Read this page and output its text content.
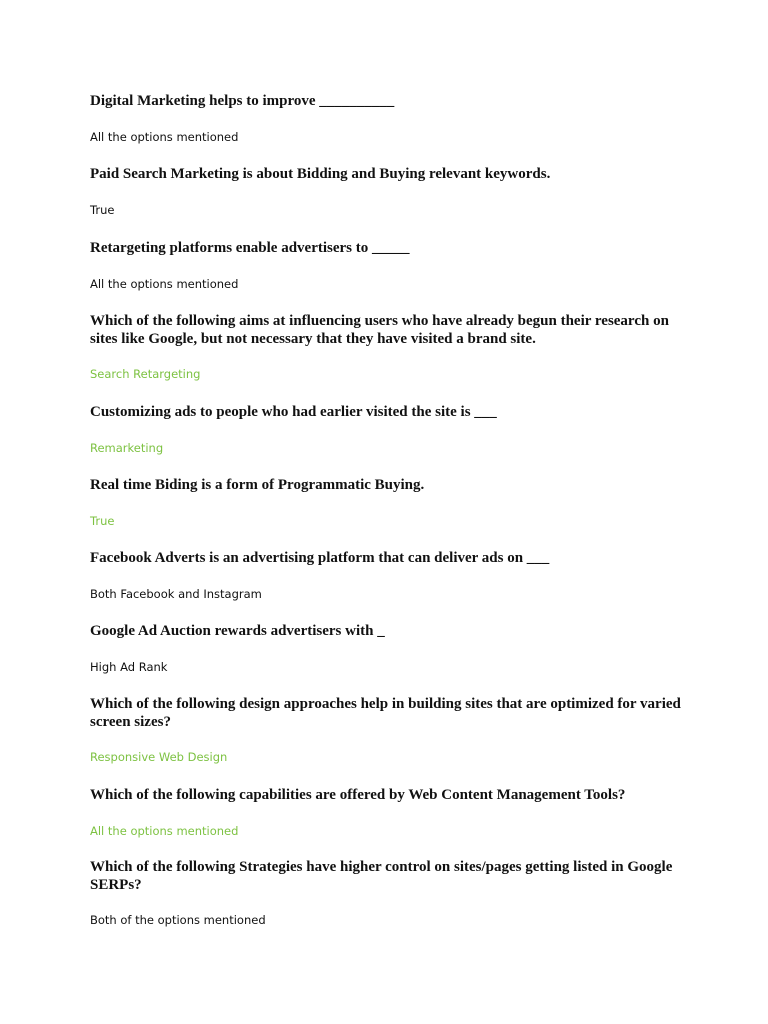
Digital Marketing helps to improve __________

All the options mentioned

Paid Search Marketing is about Bidding and Buying relevant keywords.

True

Retargeting platforms enable advertisers to _____

All the options mentioned

Which of the following aims at influencing users who have already begun their research on sites like Google, but not necessary that they have visited a brand site.

Search Retargeting

Customizing ads to people who had earlier visited the site is ___

Remarketing

Real time Biding is a form of Programmatic Buying.

True

Facebook Adverts is an advertising platform that can deliver ads on ___

Both Facebook and Instagram

Google Ad Auction rewards advertisers with _

High Ad Rank

Which of the following design approaches help in building sites that are optimized for varied screen sizes?

Responsive Web Design

Which of the following capabilities are offered by Web Content Management Tools?

All the options mentioned

Which of the following Strategies have higher control on sites/pages getting listed in Google SERPs?

Both of the options mentioned
